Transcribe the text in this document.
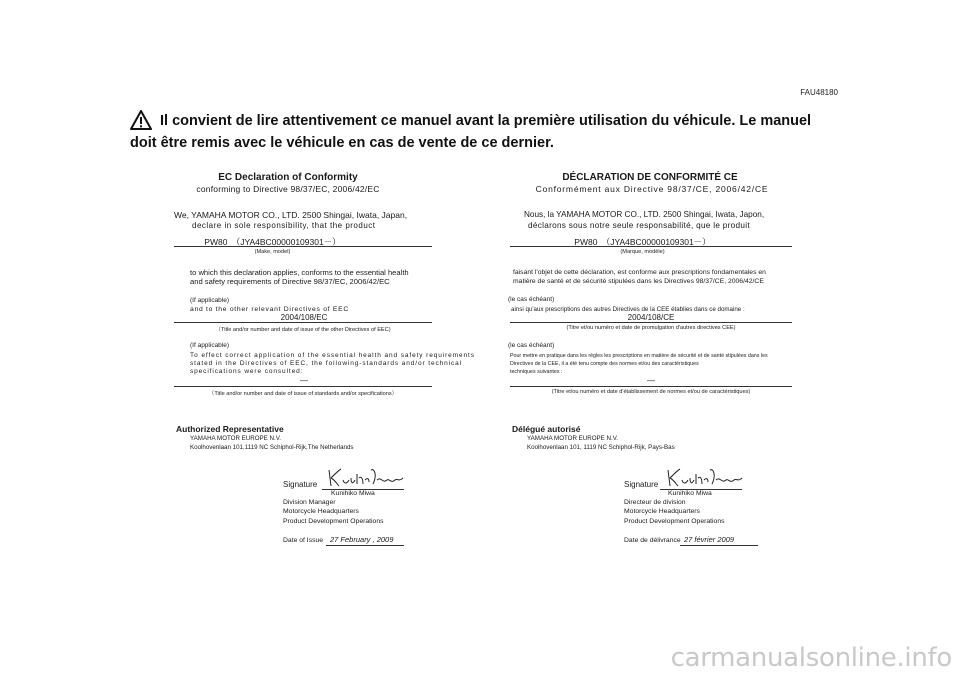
FAU48180
Il convient de lire attentivement ce manuel avant la première utilisation du véhicule. Le manuel doit être remis avec le véhicule en cas de vente de ce dernier.
EC Declaration of Conformity
conforming to Directive 98/37/EC, 2006/42/EC
We, YAMAHA MOTOR CO., LTD. 2500 Shingai, Iwata, Japan,
declare in sole responsibility, that the product
PW80　（JYA4BC00000109301－）
(Make, model)
to which this declaration applies, conforms to the essential health
and safety requirements of Directive 98/37/EC, 2006/42/EC
(If applicable)
and to the other relevant Directives of EEC
2004/108/EC
（Title and/or number and date of issue of the other Directives of EEC)
(If applicable)
To effect correct application of the essential health and safety requirements
stated in the Directives of EEC, the following-standards and/or technical
specifications were consulted:
—
（Title and/or number and date of issue of standards and/or specifications）
Authorized Representative
YAMAHA MOTOR EUROPE N.V.
Koolhovenlaan 101,1119 NC Schiphol-Rijk,The Netherlands
Signature
Kunihiko Miwa
Division Manager
Motorcycle Headquarters
Product Development Operations
Date of Issue 27 February , 2009
DÉCLARATION DE CONFORMITÉ CE
Conformément aux Directive 98/37/CE, 2006/42/CE
Nous, la YAMAHA MOTOR CO., LTD. 2500 Shingai, Iwata, Japon,
déclarons sous notre seule responsabilité, que le produit
PW80　（JYA4BC00000109301－）
(Marque, modèle)
faisant l'objet de cette déclaration, est conforme aux prescriptions fondamentales en
matière de santé et de sécurité stipulées dans les Directives 98/37/CE, 2006/42/CE
(le cas échéant)
ainsi qu'aux prescriptions des autres Directives de la CEE établies dans ce domaine :
2004/108/CE
(Titre et/ou numéro et date de promulgation d'autres directives CEE)
(le cas échéant)
Pour mettre en pratique dans les règles les prescriptions en matière de sécurité et de santé stipulées dans les
Directives de la CEE, il a été tenu compte des normes et/ou des caractéristiques
techniques suivantes :
—
(Titre et/ou numéro et date d'établissement de normes et/ou de caractéristiques)
Délégué autorisé
YAMAHA MOTOR EUROPE N.V.
Koolhovenlaan 101, 1119 NC Schiphol-Rijk, Pays-Bas
Signature
Kunihiko Miwa
Directeur de division
Motorcycle Headquarters
Product Development Operations
Date de délivrance 27 février 2009
carmanualsonline.info
